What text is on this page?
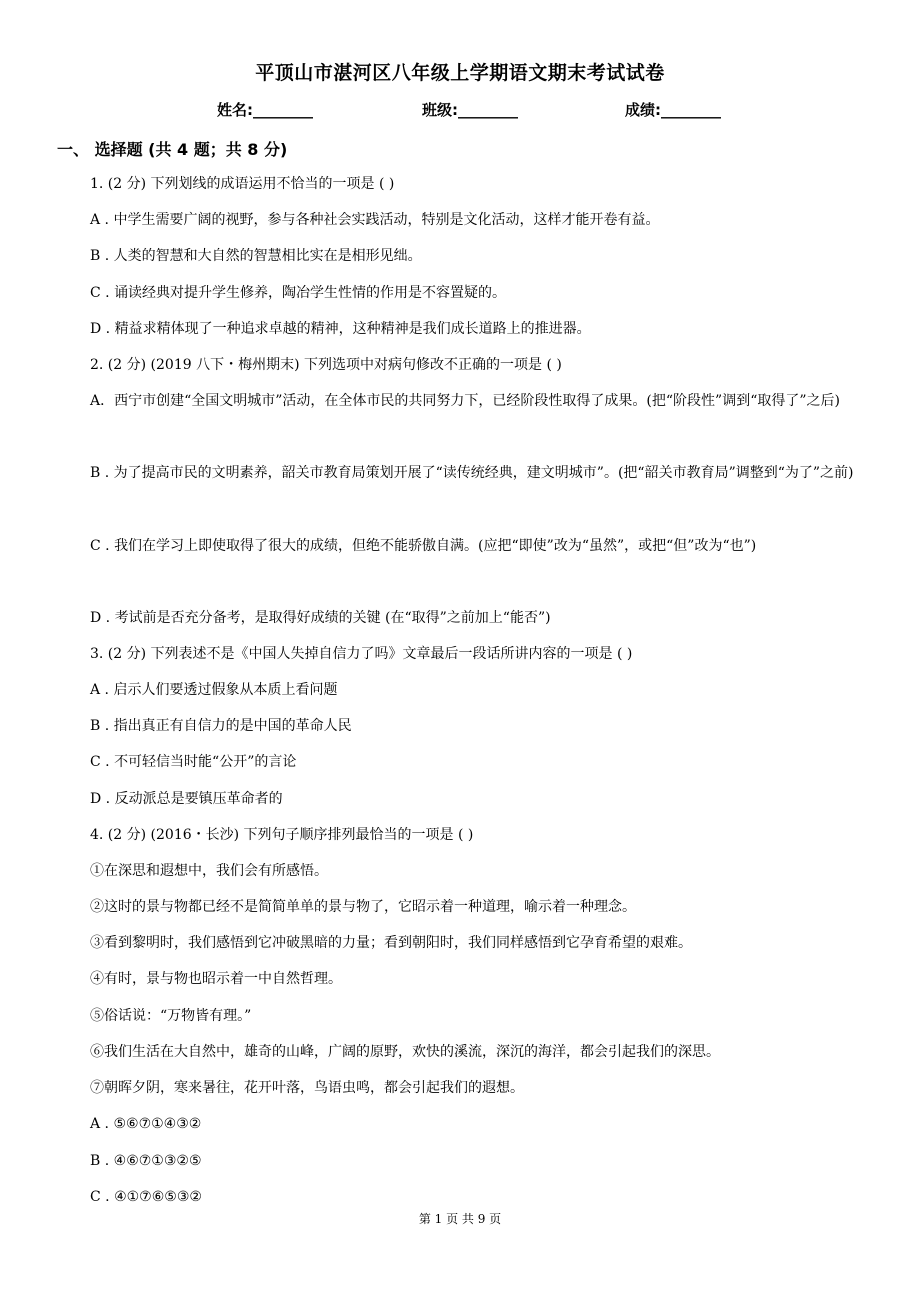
平顶山市湛河区八年级上学期语文期末考试试卷
姓名:________	班级:________	成绩:________
一、 选择题 (共 4 题；共 8 分)
1. (2 分) 下列划线的成语运用不恰当的一项是 ( )
A . 中学生需要广阔的视野，参与各种社会实践活动，特别是文化活动，这样才能开卷有益。
B . 人类的智慧和大自然的智慧相比实在是相形见绌。
C . 诵读经典对提升学生修养，陶冶学生性情的作用是不容置疑的。
D . 精益求精体现了一种追求卓越的精神，这种精神是我们成长道路上的推进器。
2. (2 分) (2019 八下・梅州期末) 下列选项中对病句修改不正确的一项是 ( )
A．西宁市创建“全国文明城市”活动，在全体市民的共同努力下，已经阶段性取得了成果。(把“阶段性”调到“取得了”之后)
B . 为了提高市民的文明素养，韶关市教育局策划开展了“读传统经典，建文明城市”。(把“韶关市教育局”调整到“为了”之前)
C . 我们在学习上即使取得了很大的成绩，但绝不能骄傲自满。(应把“即使”改为“虽然”，或把“但”改为“也”)
D . 考试前是否充分备考，是取得好成绩的关键 (在“取得”之前加上“能否”)
3. (2 分) 下列表述不是《中国人失掉自信力了吗》文章最后一段话所讲内容的一项是 ( )
A . 启示人们要透过假象从本质上看问题
B . 指出真正有自信力的是中国的革命人民
C . 不可轻信当时能“公开”的言论
D . 反动派总是要镇压革命者的
4. (2 分) (2016・长沙) 下列句子顺序排列最恰当的一项是 ( )
①在深思和遐想中，我们会有所感悟。
②这时的景与物都已经不是简简单单的景与物了，它昭示着一种道理，喻示着一种理念。
③看到黎明时，我们感悟到它冲破黑暗的力量；看到朝阳时，我们同样感悟到它孕育希望的艰难。
④有时，景与物也昭示着一中自然哲理。
⑤俗话说：“万物皆有理。”
⑥我们生活在大自然中，雄奇的山峰，广阔的原野，欢快的溪流，深沉的海洋，都会引起我们的深思。
⑦朝晖夕阴，寒来暑往，花开叶落，鸟语虫鸣，都会引起我们的遐想。
A . ⑤⑥⑦①④③②
B . ④⑥⑦①③②⑤
C . ④①⑦⑥⑤③②
第 1 页 共 9 页
